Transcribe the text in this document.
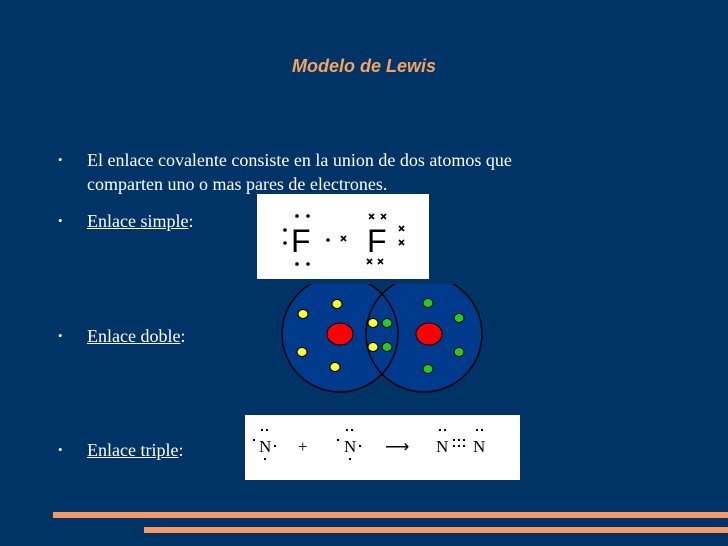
Modelo de Lewis
• El enlace covalente consiste en la union de dos atomos que
comparten uno o mas pares de electrones.
• Enlace simple:
• Enlace doble:
• Enlace triple:
F F
N + N ⟶ N N
